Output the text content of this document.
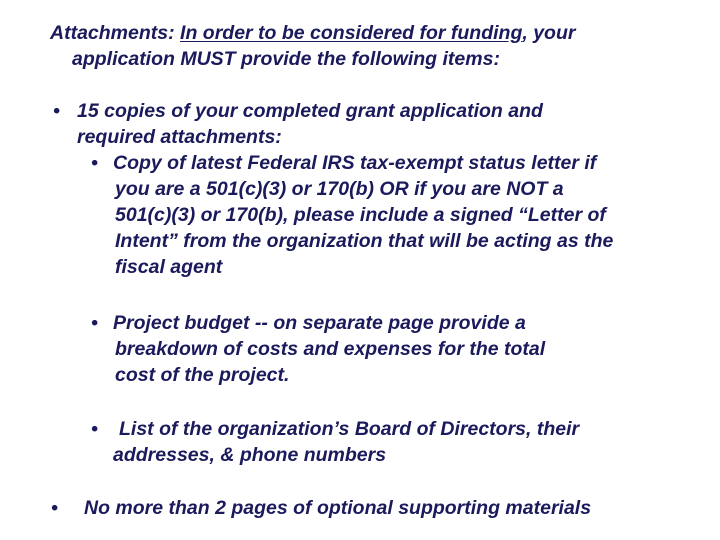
Attachments: In order to be considered for funding, your
application MUST provide the following items:
• 15 copies of your completed grant application and
required attachments:
• Copy of latest Federal IRS tax-exempt status letter if
you are a 501(c)(3) or 170(b) OR if you are NOT a
501(c)(3) or 170(b), please include a signed “Letter of
Intent” from the organization that will be acting as the
fiscal agent
• Project budget -- on separate page provide a
breakdown of costs and expenses for the total
cost of the project.
• List of the organization’s Board of Directors, their
addresses, & phone numbers
• No more than 2 pages of optional supporting materials
